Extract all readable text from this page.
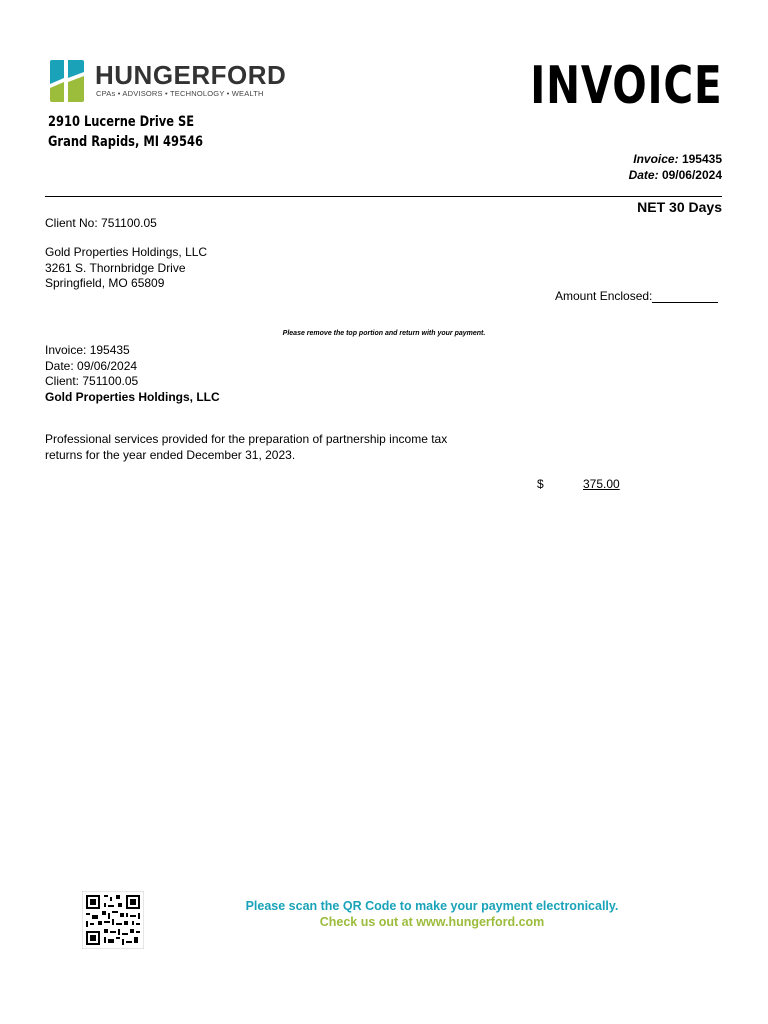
HUNGERFORD
CPAs • ADVISORS • TECHNOLOGY • WEALTH
2910 Lucerne Drive SE
Grand Rapids, MI 49546
INVOICE
Invoice: 195435
Date: 09/06/2024
NET 30 Days
Client No: 751100.05
Gold Properties Holdings, LLC
3261 S. Thornbridge Drive
Springfield, MO 65809
Amount Enclosed:
Please remove the top portion and return with your payment.
Invoice: 195435
Date: 09/06/2024
Client: 751100.05
Gold Properties Holdings, LLC
Professional services provided for the preparation of partnership income tax
returns for the year ended December 31, 2023.
$	375.00
Please scan the QR Code to make your payment electronically.
Check us out at www.hungerford.com
